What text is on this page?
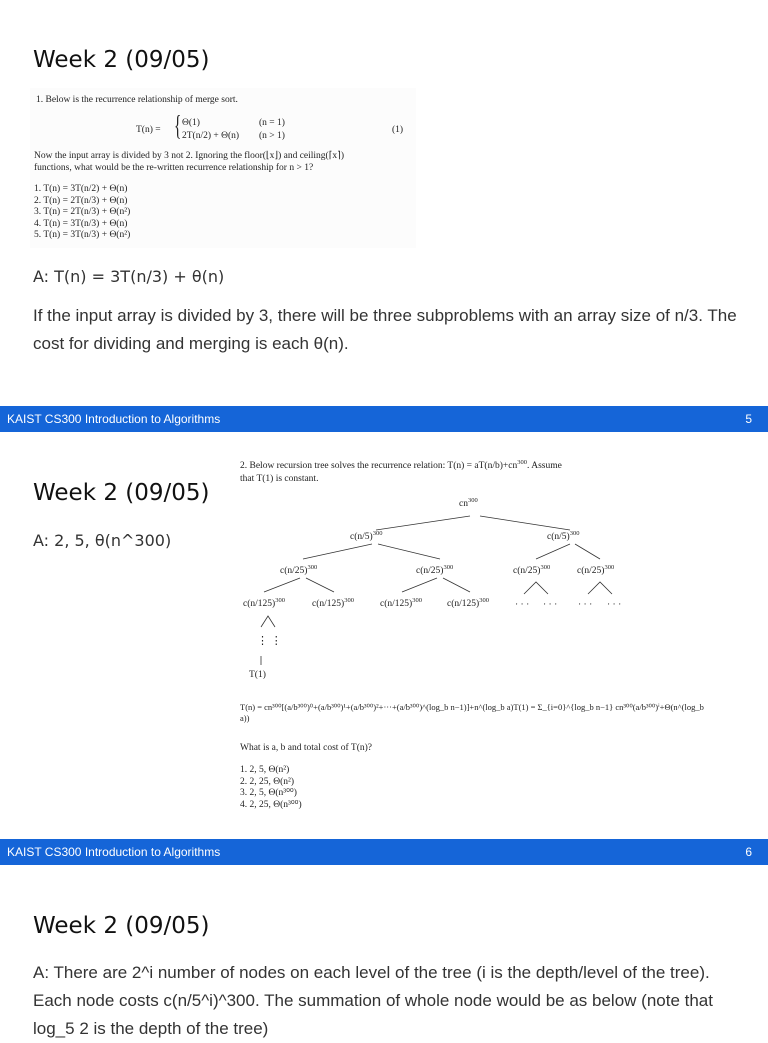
Week 2 (09/05)
1. Below is the recurrence relationship of merge sort.
T(n) = { Θ(1)	(n = 1)
2T(n/2) + Θ(n) (n > 1)
(1)
Now the input array is divided by 3 not 2. Ignoring the floor(⌊x⌋) and ceiling(⌈x⌉)
functions, what would be the re-written recurrence relationship for n > 1?
1. T(n) = 3T(n/2) + Θ(n)
2. T(n) = 2T(n/3) + Θ(n)
3. T(n) = 2T(n/3) + Θ(n²)
4. T(n) = 3T(n/3) + Θ(n)
5. T(n) = 3T(n/3) + Θ(n²)
A: T(n) = 3T(n/3) + θ(n)
If the input array is divided by 3, there will be three subproblems with an array size of n/3. The cost for dividing and merging is each θ(n).
KAIST CS300 Introduction to Algorithms	5
Week 2 (09/05)
A: 2, 5, θ(n^300)
2. Below recursion tree solves the recurrence relation: $T(n) = aT(n/b)+cn^{300}$. Assume
that T(1) is constant.
$cn^{300}$
$c(n/5)^{300}$	$c(n/5)^{300}$
$c(n/25)^{300}$	$c(n/25)^{300}$	$c(n/25)^{300}$	$c(n/25)^{300}$
$c(n/125)^{300}$	$c(n/125)^{300}$	$c(n/125)^{300}$	$c(n/125)^{300}$	· · · · · · · · · · · ·
⋮ ⋮
T(1)
T(n) = cn³⁰⁰[(a/b³⁰⁰)⁰+(a/b³⁰⁰)¹+(a/b³⁰⁰)²+···+(a/b³⁰⁰)^(log_b n−1)]+n^(log_b a)T(1) = Σ_{i=0}^{log_b n−1} cn³⁰⁰(a/b³⁰⁰)ⁱ+Θ(n^(log_b a))
What is a, b and total cost of T(n)?
1. 2, 5, Θ(n²)
2. 2, 25, Θ(n²)
3. 2, 5, Θ(n³⁰⁰)
4. 2, 25, Θ(n³⁰⁰)
KAIST CS300 Introduction to Algorithms	6
Week 2 (09/05)
A: There are 2^i number of nodes on each level of the tree (i is the depth/level of the tree). Each node costs c(n/5^i)^300. The summation of whole node would be as below (note that log_5 2 is the depth of the tree)
